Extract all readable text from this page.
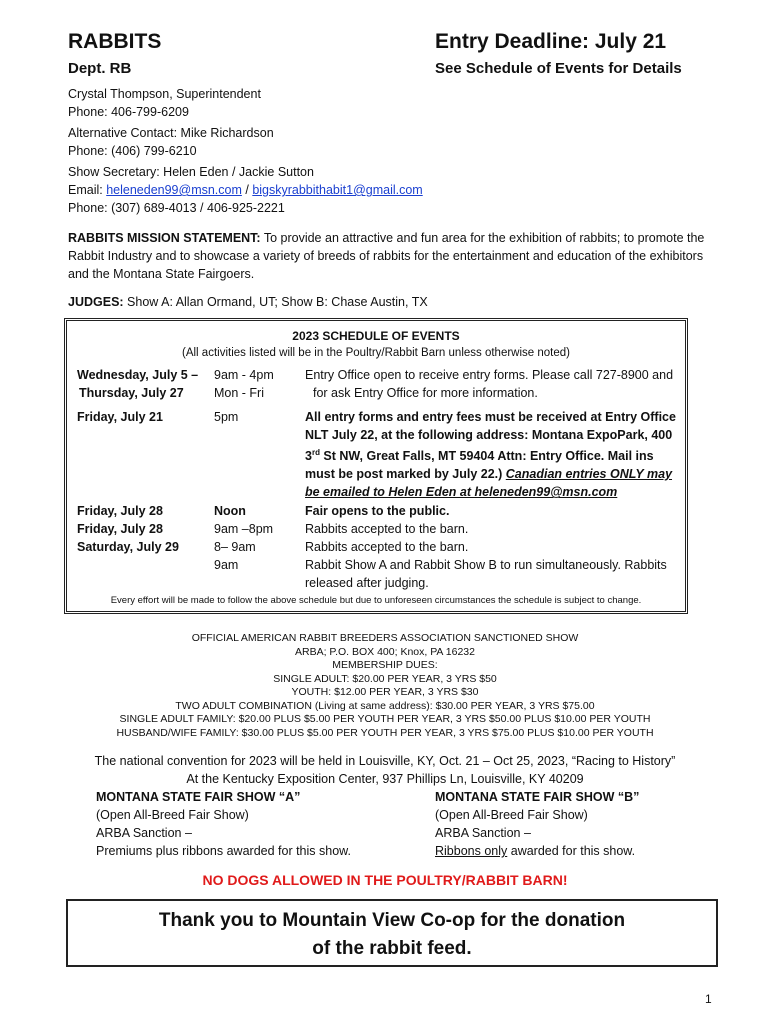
RABBITS
Dept. RB
Entry Deadline: July 21
See Schedule of Events for Details
Crystal Thompson, Superintendent
Phone: 406-799-6209
Alternative Contact: Mike Richardson
Phone: (406) 799-6210
Show Secretary: Helen Eden / Jackie Sutton
Email: heleneden99@msn.com / bigskyrabbithabit1@gmail.com
Phone: (307) 689-4013 / 406-925-2221
RABBITS MISSION STATEMENT: To provide an attractive and fun area for the exhibition of rabbits; to promote the Rabbit Industry and to showcase a variety of breeds of rabbits for the entertainment and education of the exhibitors and the Montana State Fairgoers.
JUDGES: Show A: Allan Ormand, UT; Show B: Chase Austin, TX
2023 SCHEDULE OF EVENTS
(All activities listed will be in the Poultry/Rabbit Barn unless otherwise noted)
Wednesday, July 5 –
Thursday, July 27
9am - 4pm
Mon - Fri
Entry Office open to receive entry forms. Please call 727-8900 and
for ask Entry Office for more information.
Friday, July 21	5pm	All entry forms and entry fees must be received at Entry Office NLT July 22, at the following address: Montana ExpoPark, 400 3rd St NW, Great Falls, MT 59404 Attn: Entry Office. Mail ins must be post marked by July 22.) Canadian entries ONLY may be emailed to Helen Eden at heleneden99@msn.com
Friday, July 28
Friday, July 28
Saturday, July 29
Noon
9am –8pm
8– 9am
9am
Fair opens to the public.
Rabbits accepted to the barn.
Rabbits accepted to the barn.
Rabbit Show A and Rabbit Show B to run simultaneously. Rabbits released after judging.
Every effort will be made to follow the above schedule but due to unforeseen circumstances the schedule is subject to change.
OFFICIAL AMERICAN RABBIT BREEDERS ASSOCIATION SANCTIONED SHOW
ARBA; P.O. BOX 400; Knox, PA 16232
MEMBERSHIP DUES:
SINGLE ADULT: $20.00 PER YEAR, 3 YRS $50
YOUTH: $12.00 PER YEAR, 3 YRS $30
TWO ADULT COMBINATION (Living at same address): $30.00 PER YEAR, 3 YRS $75.00
SINGLE ADULT FAMILY: $20.00 PLUS $5.00 PER YOUTH PER YEAR, 3 YRS $50.00 PLUS $10.00 PER YOUTH
HUSBAND/WIFE FAMILY: $30.00 PLUS $5.00 PER YOUTH PER YEAR, 3 YRS $75.00 PLUS $10.00 PER YOUTH
The national convention for 2023 will be held in Louisville, KY, Oct. 21 – Oct 25, 2023, “Racing to History”
At the Kentucky Exposition Center, 937 Phillips Ln, Louisville, KY 40209
MONTANA STATE FAIR SHOW “A”
(Open All-Breed Fair Show)
ARBA Sanction –
Premiums plus ribbons awarded for this show.
MONTANA STATE FAIR SHOW “B”
(Open All-Breed Fair Show)
ARBA Sanction –
Ribbons only awarded for this show.
NO DOGS ALLOWED IN THE POULTRY/RABBIT BARN!
Thank you to Mountain View Co-op for the donation
of the rabbit feed.
1
